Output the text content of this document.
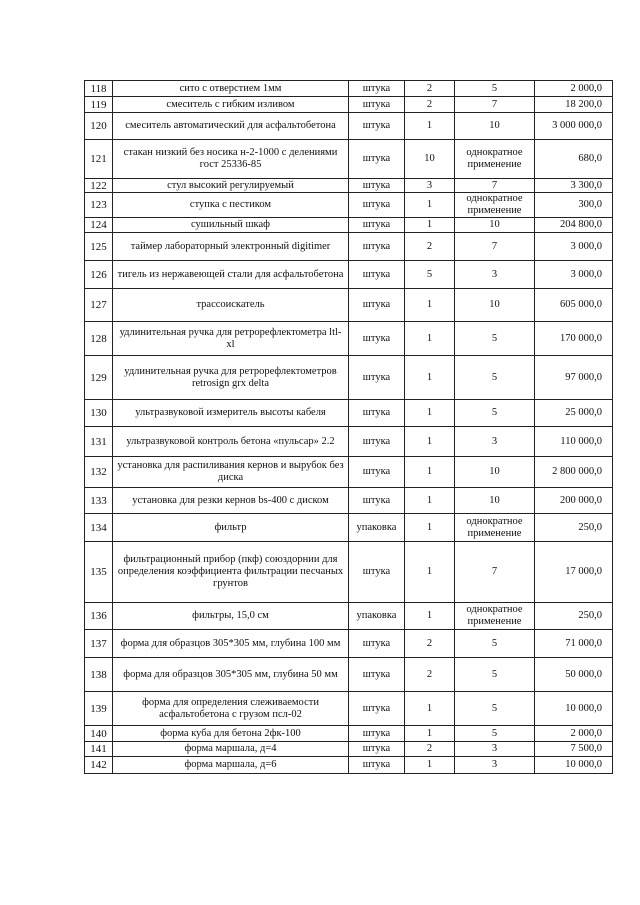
118	сито с отверстием 1мм	штука	2	5	2 000,0
119	смеситель с гибким изливом	штука	2	7	18 200,0
120	смеситель автоматический для асфальтобетона	штука	1	10	3 000 000,0
121	стакан низкий без носика н-2-1000 с делениями гост 25336-85	штука	10	однократное применение	680,0
122	стул высокий регулируемый	штука	3	7	3 300,0
123	ступка с пестиком	штука	1	однократное применение	300,0
124	сушильный шкаф	штука	1	10	204 800,0
125	таймер лабораторный электронный digitimer	штука	2	7	3 000,0
126	тигель из нержавеющей стали для асфальтобетона	штука	5	3	3 000,0
127	трассоискатель	штука	1	10	605 000,0
128	удлинительная ручка для ретрорефлектометра ltl-xl	штука	1	5	170 000,0
129	удлинительная ручка для ретрорефлектометров retrosign grx delta	штука	1	5	97 000,0
130	ультразвуковой измеритель высоты кабеля	штука	1	5	25 000,0
131	ультразвуковой контроль бетона «пульсар» 2.2	штука	1	3	110 000,0
132	установка для распиливания кернов и вырубок без диска	штука	1	10	2 800 000,0
133	установка для резки кернов bs-400 с диском	штука	1	10	200 000,0
134	фильтр	упаковка	1	однократное применение	250,0
135	фильтрационный прибор (пкф) союздорнии для определения коэффициента фильтрации песчаных грунтов	штука	1	7	17 000,0
136	фильтры, 15,0 см	упаковка	1	однократное применение	250,0
137	форма для образцов 305*305 мм, глубина 100 мм	штука	2	5	71 000,0
138	форма для образцов 305*305 мм, глубина 50 мм	штука	2	5	50 000,0
139	форма для определения слеживаемости асфальтобетона с грузом псл-02	штука	1	5	10 000,0
140	форма куба для бетона 2фк-100	штука	1	5	2 000,0
141	форма маршала, д=4	штука	2	3	7 500,0
142	форма маршала, д=6	штука	1	3	10 000,0
